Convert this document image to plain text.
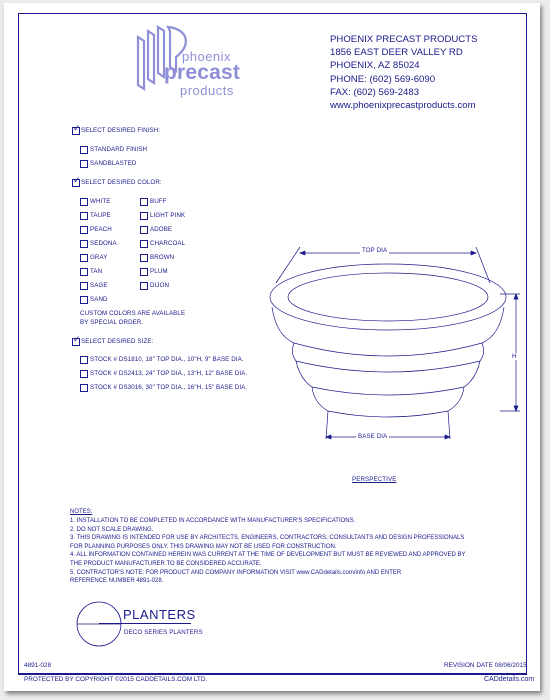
phoenix
precast
products
PHOENIX PRECAST PRODUCTS
1856 EAST DEER VALLEY RD
PHOENIX, AZ 85024
PHONE: (602) 569-6090
FAX: (602) 569-2483
www.phoenixprecastproducts.com
✓
SELECT DESIRED FINISH:
STANDARD FINISH
SANDBLASTED
✓
SELECT DESIRED COLOR:
WHITE
TAUPE
PEACH
SEDONA
GRAY
TAN
SAGE
SAND
BUFF
LIGHT PINK
ADOBE
CHARCOAL
BROWN
PLUM
DIJON
CUSTOM COLORS ARE AVAILABLE
BY SPECIAL ORDER.
✓
SELECT DESIRED SIZE:
STOCK # DS1810, 18" TOP DIA., 10"H, 9" BASE DIA.
STOCK # DS2413, 24" TOP DIA., 13"H, 12" BASE DIA.
STOCK # DS3016, 30" TOP DIA., 16"H, 15" BASE DIA.
TOP DIA
BASE DIA
H
PERSPECTIVE
NOTES:
1. INSTALLATION TO BE COMPLETED IN ACCORDANCE WITH MANUFACTURER'S SPECIFICATIONS.
2. DO NOT SCALE DRAWING.
3. THIS DRAWING IS INTENDED FOR USE BY ARCHITECTS, ENGINEERS, CONTRACTORS, CONSULTANTS AND DESIGN PROFESSIONALS
FOR PLANNING PURPOSES ONLY. THIS DRAWING MAY NOT BE USED FOR CONSTRUCTION.
4. ALL INFORMATION CONTAINED HEREIN WAS CURRENT AT THE TIME OF DEVELOPMENT BUT MUST BE REVIEWED AND APPROVED BY
THE PRODUCT MANUFACTURER TO BE CONSIDERED ACCURATE.
5. CONTRACTOR'S NOTE: FOR PRODUCT AND COMPANY INFORMATION VISIT www.CADdetails.com/info AND ENTER
REFERENCE NUMBER 4891-028.
PLANTERS
DECO SERIES PLANTERS
4891-028	REVISION DATE 08/06/2015
PROTECTED BY COPYRIGHT ©2015 CADDETAILS.COM LTD.	CADdetails.com
